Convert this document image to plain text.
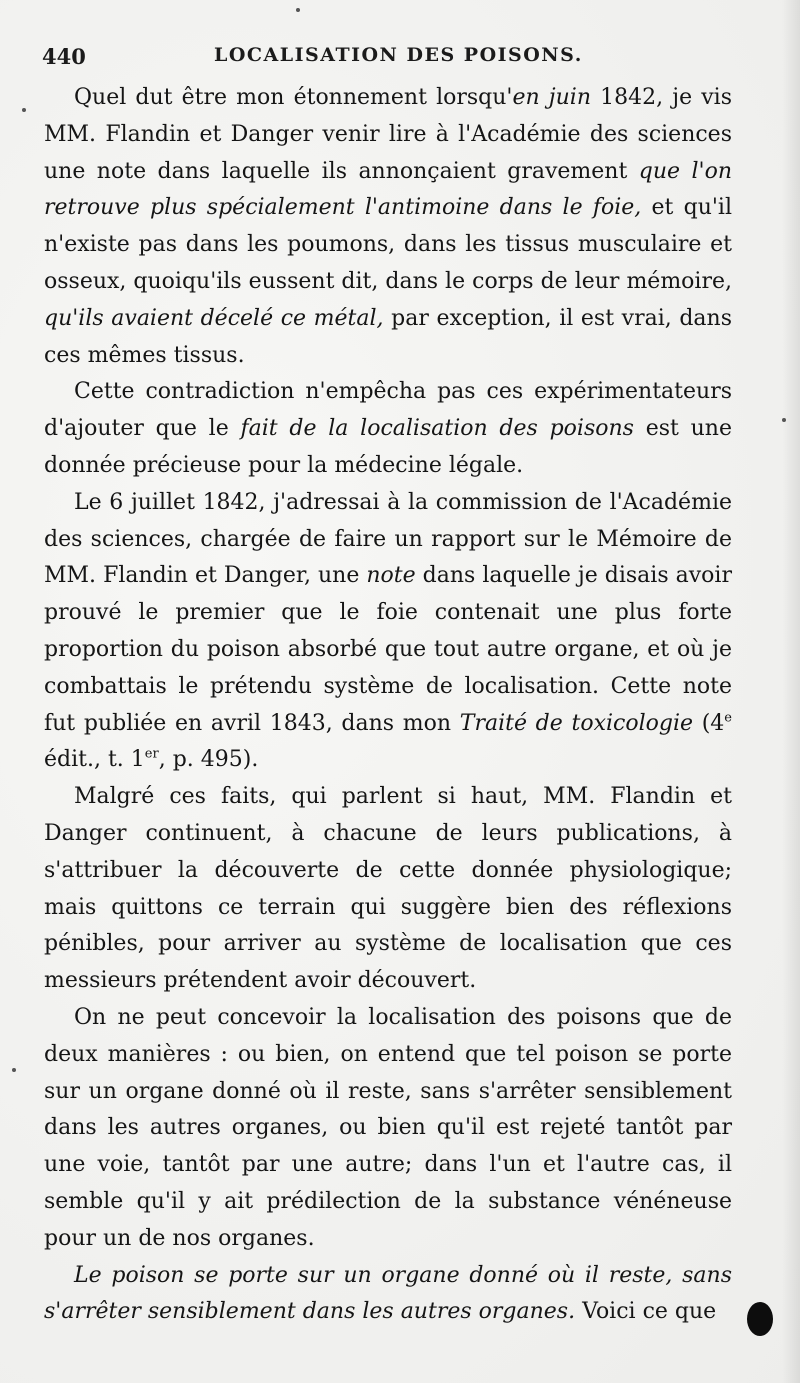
440	LOCALISATION DES POISONS.

Quel dut être mon étonnement lorsqu'en juin 1842, je vis MM. Flandin et Danger venir lire à l'Académie des sciences une note dans laquelle ils annonçaient gravement que l'on retrouve plus spécialement l'antimoine dans le foie, et qu'il n'existe pas dans les poumons, dans les tissus musculaire et osseux, quoiqu'ils eussent dit, dans le corps de leur mémoire, qu'ils avaient décelé ce métal, par exception, il est vrai, dans ces mêmes tissus.

Cette contradiction n'empêcha pas ces expérimentateurs d'ajouter que le fait de la localisation des poisons est une donnée précieuse pour la médecine légale.

Le 6 juillet 1842, j'adressai à la commission de l'Académie des sciences, chargée de faire un rapport sur le Mémoire de MM. Flandin et Danger, une note dans laquelle je disais avoir prouvé le premier que le foie contenait une plus forte proportion du poison absorbé que tout autre organe, et où je combattais le prétendu système de localisation. Cette note fut publiée en avril 1843, dans mon Traité de toxicologie (4e édit., t. 1er, p. 495).

Malgré ces faits, qui parlent si haut, MM. Flandin et Danger continuent, à chacune de leurs publications, à s'attribuer la découverte de cette donnée physiologique; mais quittons ce terrain qui suggère bien des réflexions pénibles, pour arriver au système de localisation que ces messieurs prétendent avoir découvert.

On ne peut concevoir la localisation des poisons que de deux manières : ou bien, on entend que tel poison se porte sur un organe donné où il reste, sans s'arrêter sensiblement dans les autres organes, ou bien qu'il est rejeté tantôt par une voie, tantôt par une autre; dans l'un et l'autre cas, il semble qu'il y ait prédilection de la substance vénéneuse pour un de nos organes.

Le poison se porte sur un organe donné où il reste, sans s'arrêter sensiblement dans les autres organes. Voici ce que
